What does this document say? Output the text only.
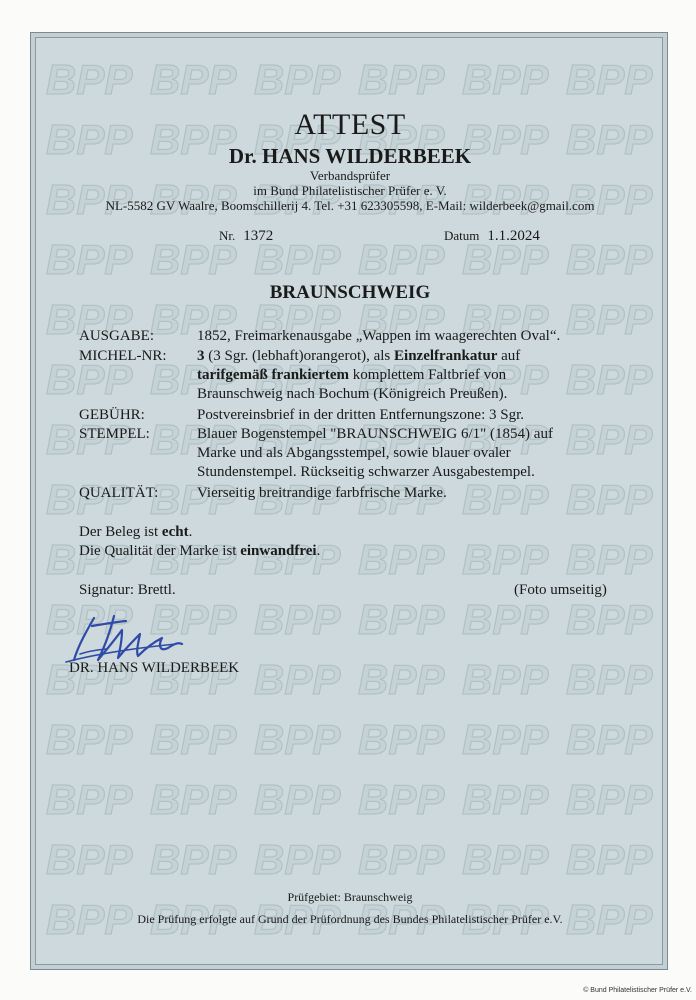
ATTEST
Dr. HANS WILDERBEEK
Verbandsprüfer
im Bund Philatelistischer Prüfer e. V.
NL-5582 GV Waalre, Boomschillerij 4. Tel. +31 623305598, E-Mail: wilderbeek@gmail.com
Nr. 1372	Datum 1.1.2024
BRAUNSCHWEIG
AUSGABE:	1852, Freimarkenausgabe „Wappen im waagerechten Oval“.
MICHEL-NR: 3 (3 Sgr. (lebhaft)orangerot), als Einzelfrankatur auf
tarifgemäß frankiertem komplettem Faltbrief von
Braunschweig nach Bochum (Königreich Preußen).
GEBÜHR:	Postvereinsbrief in der dritten Entfernungszone: 3 Sgr.
STEMPEL:	Blauer Bogenstempel "BRAUNSCHWEIG 6/1" (1854) auf
Marke und als Abgangsstempel, sowie blauer ovaler
Stundenstempel. Rückseitig schwarzer Ausgabestempel.
QUALITÄT:	Vierseitig breitrandige farbfrische Marke.
Der Beleg ist echt.
Die Qualität der Marke ist einwandfrei.
Signatur: Brettl.	(Foto umseitig)
DR. HANS WILDERBEEK
Prüfgebiet: Braunschweig
Die Prüfung erfolgte auf Grund der Prüfordnung des Bundes Philatelistischer Prüfer e.V.
© Bund Philatelistischer Prüfer e.V.
